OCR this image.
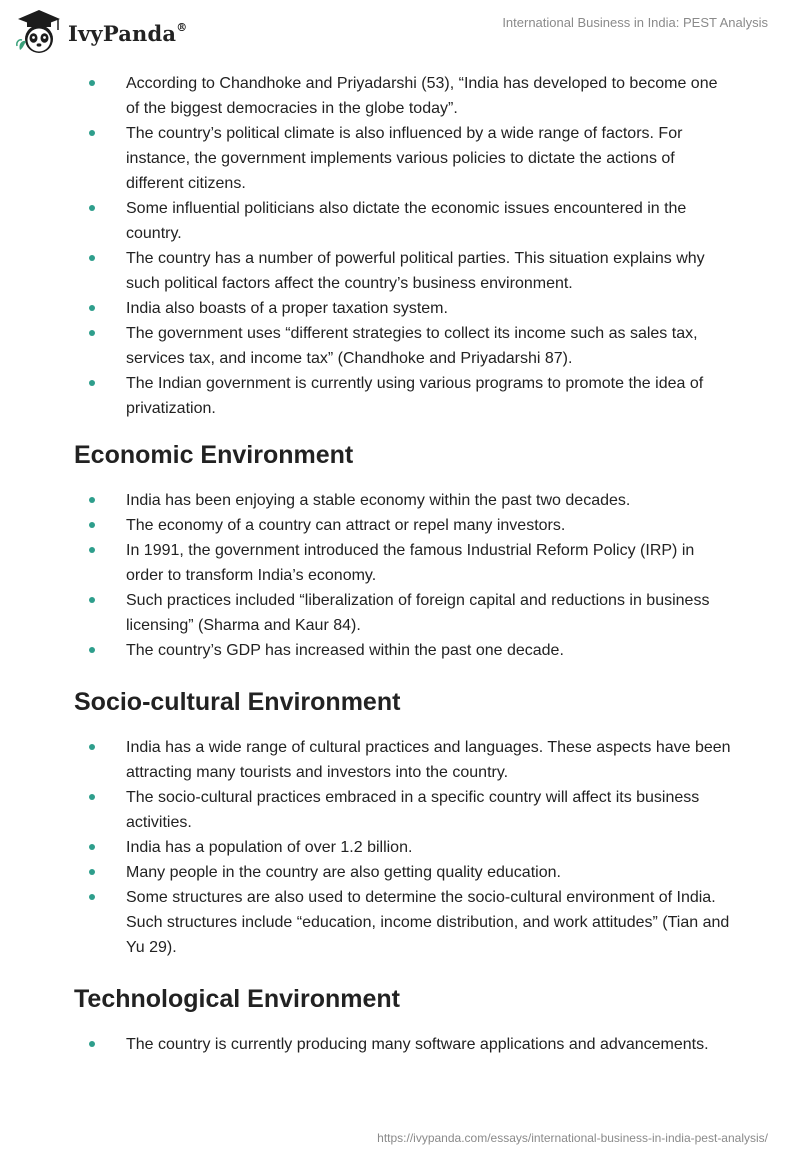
IvyPanda®	International Business in India: PEST Analysis
According to Chandhoke and Priyadarshi (53), “India has developed to become one of the biggest democracies in the globe today”.
The country’s political climate is also influenced by a wide range of factors. For instance, the government implements various policies to dictate the actions of different citizens.
Some influential politicians also dictate the economic issues encountered in the country.
The country has a number of powerful political parties. This situation explains why such political factors affect the country’s business environment.
India also boasts of a proper taxation system.
The government uses “different strategies to collect its income such as sales tax, services tax, and income tax” (Chandhoke and Priyadarshi 87).
The Indian government is currently using various programs to promote the idea of privatization.
Economic Environment
India has been enjoying a stable economy within the past two decades.
The economy of a country can attract or repel many investors.
In 1991, the government introduced the famous Industrial Reform Policy (IRP) in order to transform India’s economy.
Such practices included “liberalization of foreign capital and reductions in business licensing” (Sharma and Kaur 84).
The country’s GDP has increased within the past one decade.
Socio-cultural Environment
India has a wide range of cultural practices and languages. These aspects have been attracting many tourists and investors into the country.
The socio-cultural practices embraced in a specific country will affect its business activities.
India has a population of over 1.2 billion.
Many people in the country are also getting quality education.
Some structures are also used to determine the socio-cultural environment of India. Such structures include “education, income distribution, and work attitudes” (Tian and Yu 29).
Technological Environment
The country is currently producing many software applications and advancements.
https://ivypanda.com/essays/international-business-in-india-pest-analysis/
